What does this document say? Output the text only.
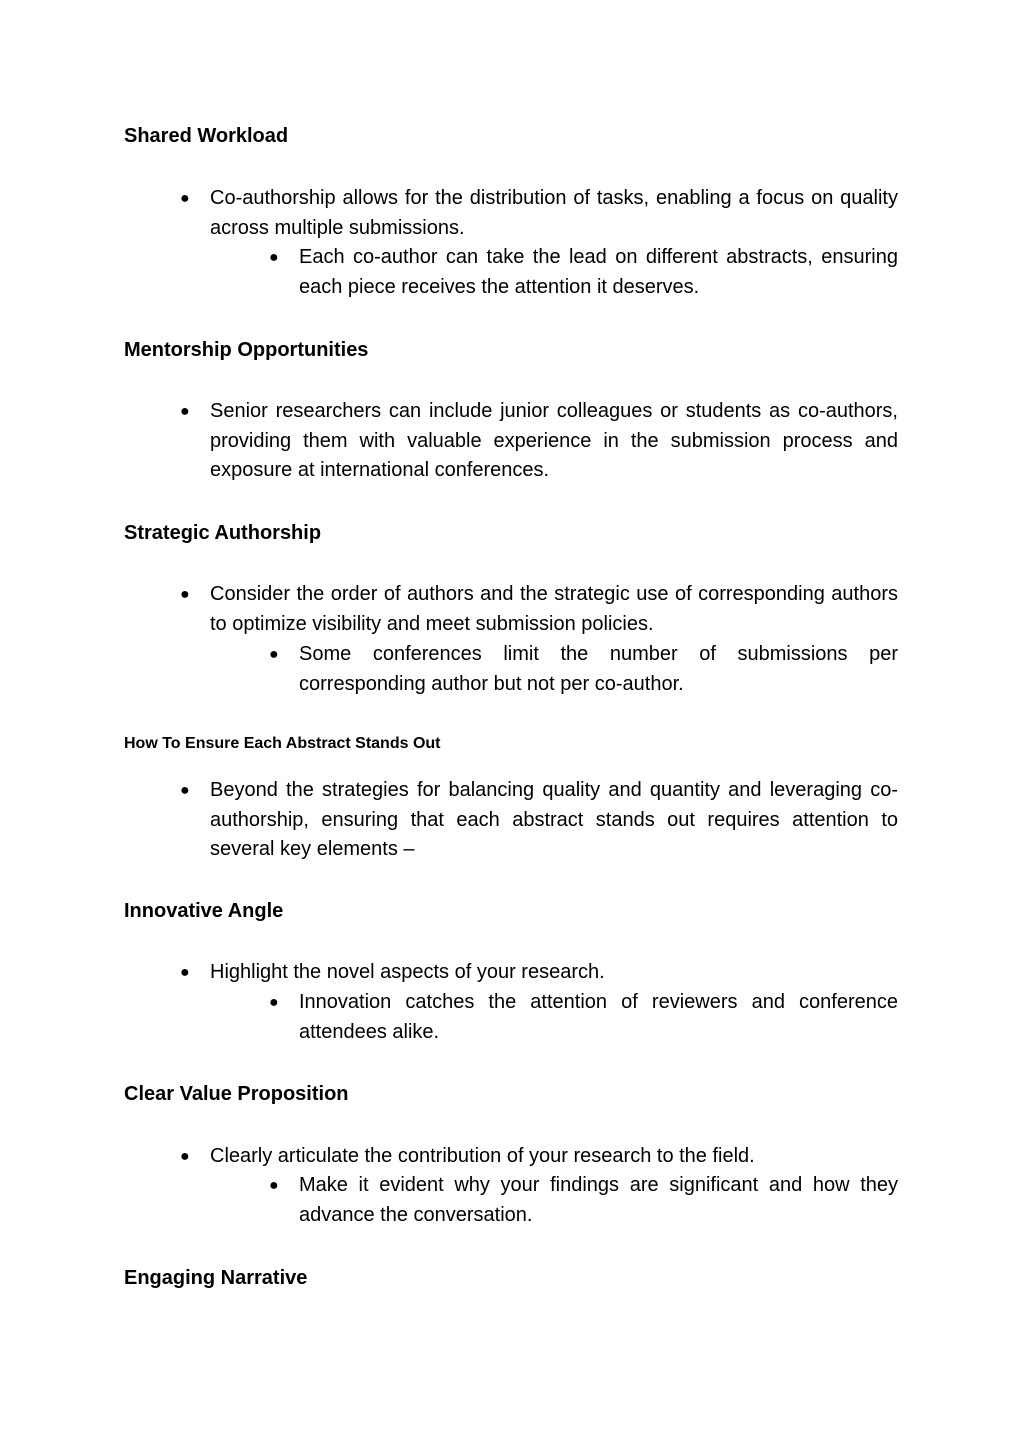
Shared Workload
● Co-authorship allows for the distribution of tasks, enabling a focus on quality across multiple submissions.
● Each co-author can take the lead on different abstracts, ensuring each piece receives the attention it deserves.
Mentorship Opportunities
● Senior researchers can include junior colleagues or students as co-authors, providing them with valuable experience in the submission process and exposure at international conferences.
Strategic Authorship
● Consider the order of authors and the strategic use of corresponding authors to optimize visibility and meet submission policies.
● Some conferences limit the number of submissions per corresponding author but not per co-author.
How To Ensure Each Abstract Stands Out
● Beyond the strategies for balancing quality and quantity and leveraging co-authorship, ensuring that each abstract stands out requires attention to several key elements –
Innovative Angle
● Highlight the novel aspects of your research.
● Innovation catches the attention of reviewers and conference attendees alike.
Clear Value Proposition
● Clearly articulate the contribution of your research to the field.
● Make it evident why your findings are significant and how they advance the conversation.
Engaging Narrative
